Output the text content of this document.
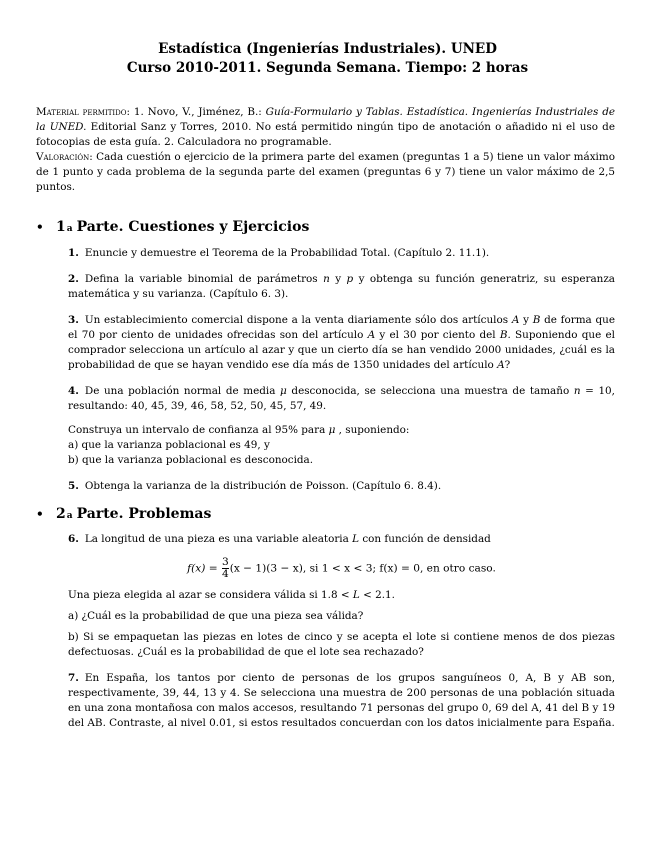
Estadística (Ingenierías Industriales). UNED
Curso 2010-2011. Segunda Semana. Tiempo: 2 horas
Material permitido: 1. Novo, V., Jiménez, B.: Guía-Formulario y Tablas. Estadística. Ingenierías Industriales de la UNED. Editorial Sanz y Torres, 2010. No está permitido ningún tipo de anotación o añadido ni el uso de fotocopias de esta guía. 2. Calculadora no programable.
Valoración: Cada cuestión o ejercicio de la primera parte del examen (preguntas 1 a 5) tiene un valor máximo de 1 punto y cada problema de la segunda parte del examen (preguntas 6 y 7) tiene un valor máximo de 2,5 puntos.
• 1 a Parte. Cuestiones y Ejercicios

1. Enuncie y demuestre el Teorema de la Probabilidad Total. (Capítulo 2. 11.1).

2. Defina la variable binomial de parámetros n y p y obtenga su función generatriz, su esperanza matemática y su varianza. (Capítulo 6. 3).

3. Un establecimiento comercial dispone a la venta diariamente sólo dos artículos A y B de forma que el 70 por ciento de unidades ofrecidas son del artículo A y el 30 por ciento del B. Suponiendo que el comprador selecciona un artículo al azar y que un cierto día se han vendido 2000 unidades, ¿cuál es la probabilidad de que se hayan vendido ese día más de 1350 unidades del artículo A?

4. De una población normal de media μ desconocida, se selecciona una muestra de tamaño n = 10, resultando: 40, 45, 39, 46, 58, 52, 50, 45, 57, 49.

Construya un intervalo de confianza al 95% para μ , suponiendo:

a) que la varianza poblacional es 49, y

b) que la varianza poblacional es desconocida.

5. Obtenga la varianza de la distribución de Poisson. (Capítulo 6. 8.4).

• 2 a Parte. Problemas

6. La longitud de una pieza es una variable aleatoria L con función de densidad

$f(x) = \frac{3}{4} (x - 1)(3 - x)$, si 1 < x < 3; f(x) = 0, en otro caso.

Una pieza elegida al azar se considera válida si 1.8 < L < 2.1.

a) ¿Cuál es la probabilidad de que una pieza sea válida?

b) Si se empaquetan las piezas en lotes de cinco y se acepta el lote si contiene menos de dos piezas defectuosas. ¿Cuál es la probabilidad de que el lote sea rechazado?

7. En España, los tantos por ciento de personas de los grupos sanguíneos 0, A, B y AB son, respectivamente, 39, 44, 13 y 4. Se selecciona una muestra de 200 personas de una población situada en una zona montañosa con malos accesos, resultando 71 personas del grupo 0, 69 del A, 41 del B y 19 del AB. Contraste, al nivel 0.01, si estos resultados concuerdan con los datos inicialmente para España.
